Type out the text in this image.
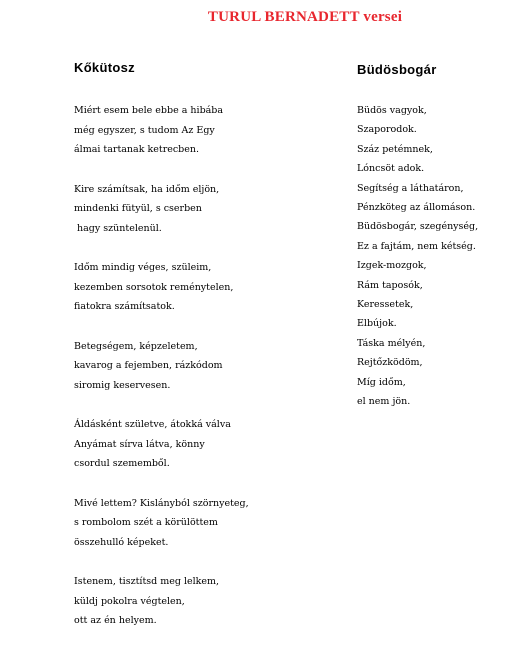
TURUL BERNADETT versei
Kőkütosz
Miért esem bele ebbe a hibába
még egyszer, s tudom Az Egy
álmai tartanak ketrecben.
Kire számítsak, ha időm eljön,
mindenki fütyül, s cserben
hagy szüntelenül.
Időm mindig véges, szüleim,
kezemben sorsotok reménytelen,
fiatokra számítsatok.
Betegségem, képzeletem,
kavarog a fejemben, rázkódom
siromig keservesen.
Áldásként születve, átokká válva
Anyámat sírva látva, könny
csordul szememből.
Mivé lettem? Kislányból szörnyeteg,
s rombolom szét a körülöttem
összehulló képeket.
Istenem, tisztítsd meg lelkem,
küldj pokolra végtelen,
ott az én helyem.
Büdösbogár
Büdös vagyok,
Szaporodok.
Száz petémnek,
Lóncsöt adok.
Segítség a láthatáron,
Pénzköteg az állomáson.
Büdösbogár, szegénység,
Ez a fajtám, nem kétség.
Izgek-mozgok,
Rám taposók,
Keressetek,
Elbújok.
Táska mélyén,
Rejtőzködöm,
Míg időm,
el nem jön.
